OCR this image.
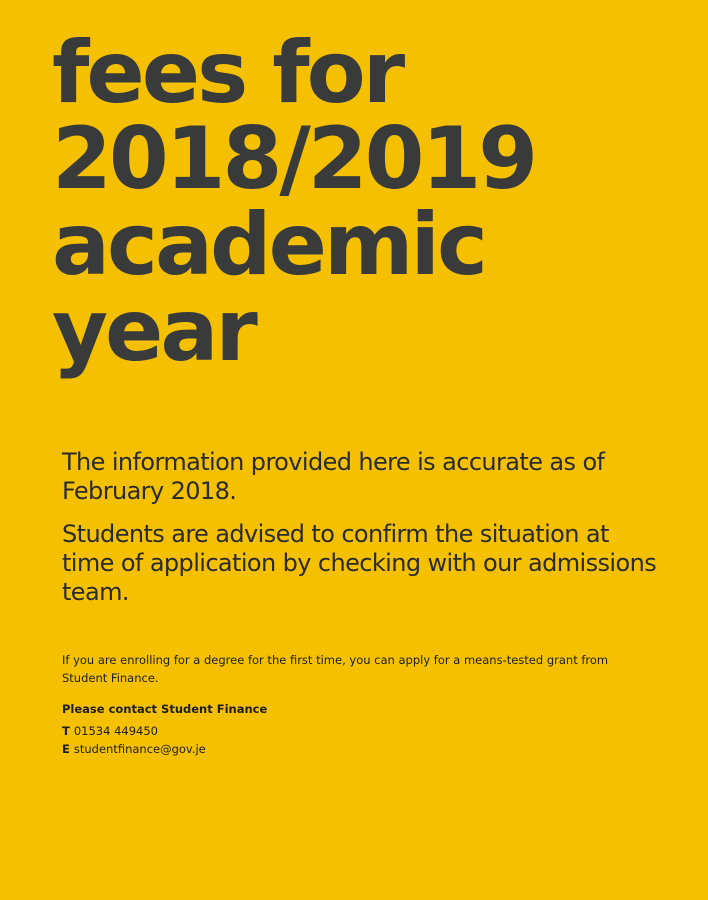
fees for
2018/2019
academic
year

The information provided here is accurate as of February 2018.

Students are advised to confirm the situation at time of application by checking with our admissions team.

If you are enrolling for a degree for the first time, you can apply for a means-tested grant from Student Finance.

Please contact Student Finance

T 01534 449450

E studentfinance@gov.je
